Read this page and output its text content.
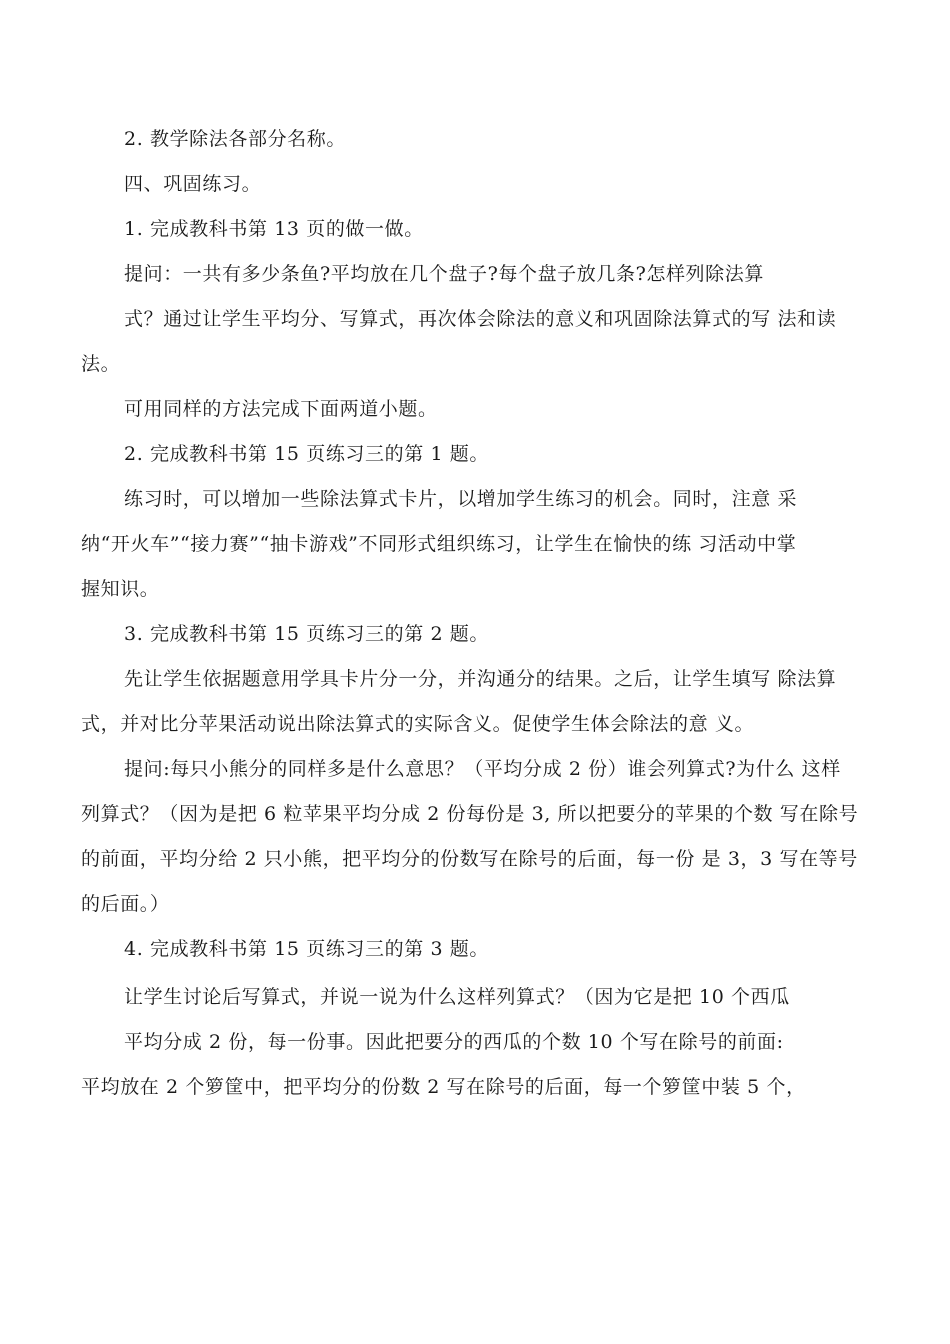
2. 教学除法各部分名称。

四、巩固练习。

1. 完成教科书第 13 页的做一做。

提问：一共有多少条鱼?平均放在几个盘子?每个盘子放几条?怎样列除法算

式？通过让学生平均分、写算式，再次体会除法的意义和巩固除法算式的写 法和读

法。

可用同样的方法完成下面两道小题。

2. 完成教科书第 15 页练习三的第 1 题。

练习时，可以增加一些除法算式卡片，以增加学生练习的机会。同时，注意 采

纳“开火车”“接力赛”“抽卡游戏”不同形式组织练习，让学生在愉快的练 习活动中掌

握知识。

3. 完成教科书第 15 页练习三的第 2 题。

先让学生依据题意用学具卡片分一分，并沟通分的结果。之后，让学生填写 除法算

式，并对比分苹果活动说出除法算式的实际含义。促使学生体会除法的意 义。

提问:每只小熊分的同样多是什么意思？（平均分成 2 份）谁会列算式?为什么 这样

列算式？（因为是把 6 粒苹果平均分成 2 份每份是 3, 所以把要分的苹果的个数 写在除号

的前面，平均分给 2 只小熊，把平均分的份数写在除号的后面，每一份 是 3，3 写在等号

的后面。）

4. 完成教科书第 15 页练习三的第 3 题。

让学生讨论后写算式，并说一说为什么这样列算式？（因为它是把 10 个西瓜

平均分成 2 份，每一份事。因此把要分的西瓜的个数 10 个写在除号的前面:

平均放在 2 个箩筐中，把平均分的份数 2 写在除号的后面，每一个箩筐中装 5 个，
